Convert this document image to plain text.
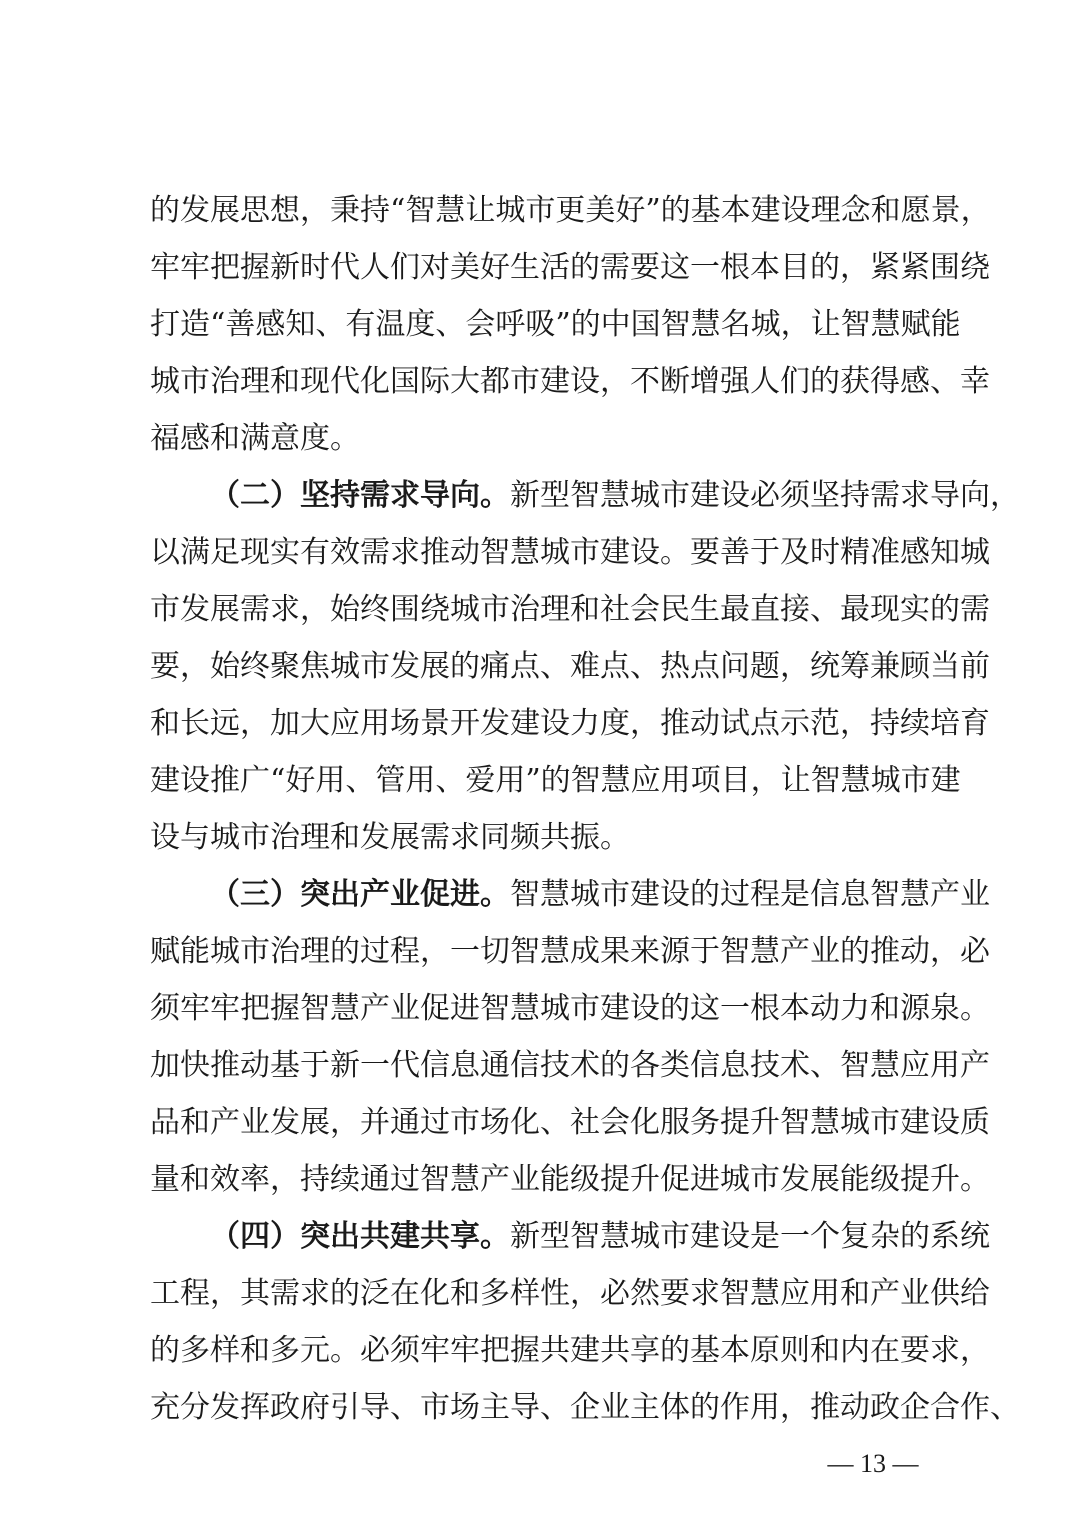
的发展思想，秉持“智慧让城市更美好”的基本建设理念和愿景，
牢牢把握新时代人们对美好生活的需要这一根本目的，紧紧围绕
打造“善感知、有温度、会呼吸”的中国智慧名城，让智慧赋能
城市治理和现代化国际大都市建设，不断增强人们的获得感、幸
福感和满意度。
（二）坚持需求导向。新型智慧城市建设必须坚持需求导向，
以满足现实有效需求推动智慧城市建设。要善于及时精准感知城
市发展需求，始终围绕城市治理和社会民生最直接、最现实的需
要，始终聚焦城市发展的痛点、难点、热点问题，统筹兼顾当前
和长远，加大应用场景开发建设力度，推动试点示范，持续培育
建设推广“好用、管用、爱用”的智慧应用项目，让智慧城市建
设与城市治理和发展需求同频共振。
（三）突出产业促进。智慧城市建设的过程是信息智慧产业
赋能城市治理的过程，一切智慧成果来源于智慧产业的推动，必
须牢牢把握智慧产业促进智慧城市建设的这一根本动力和源泉。
加快推动基于新一代信息通信技术的各类信息技术、智慧应用产
品和产业发展，并通过市场化、社会化服务提升智慧城市建设质
量和效率，持续通过智慧产业能级提升促进城市发展能级提升。
（四）突出共建共享。新型智慧城市建设是一个复杂的系统
工程，其需求的泛在化和多样性，必然要求智慧应用和产业供给
的多样和多元。必须牢牢把握共建共享的基本原则和内在要求，
充分发挥政府引导、市场主导、企业主体的作用，推动政企合作、
— 13 —
